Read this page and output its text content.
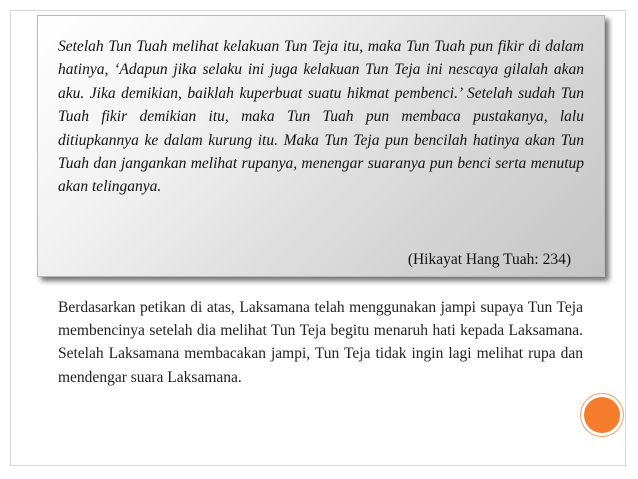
Setelah Tun Tuah melihat kelakuan Tun Teja itu, maka Tun Tuah pun fikir di dalam hatinya, ‘Adapun jika selaku ini juga kelakuan Tun Teja ini nescaya gilalah akan aku. Jika demikian, baiklah kuperbuat suatu hikmat pembenci.’ Setelah sudah Tun Tuah fikir demikian itu, maka Tun Tuah pun membaca pustakanya, lalu ditiupkannya ke dalam kurung itu. Maka Tun Teja pun bencilah hatinya akan Tun Tuah dan jangankan melihat rupanya, menengar suaranya pun benci serta menutup akan telinganya.

(Hikayat Hang Tuah: 234)

Berdasarkan petikan di atas, Laksamana telah menggunakan jampi supaya Tun Teja membencinya setelah dia melihat Tun Teja begitu menaruh hati kepada Laksamana. Setelah Laksamana membacakan jampi, Tun Teja tidak ingin lagi melihat rupa dan mendengar suara Laksamana.
